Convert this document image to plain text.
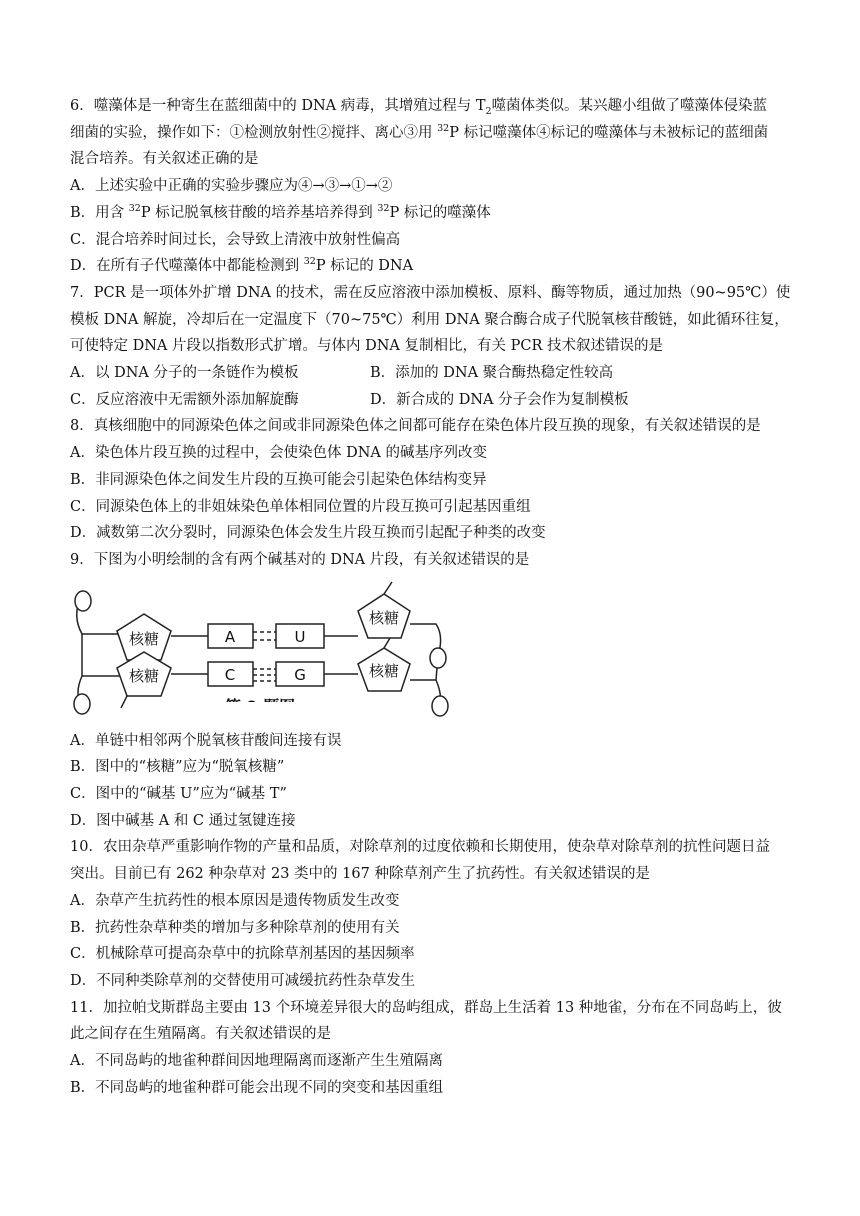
6．噬藻体是一种寄生在蓝细菌中的 DNA 病毒，其增殖过程与 $T_2$噬菌体类似。某兴趣小组做了噬藻体侵染蓝
细菌的实验，操作如下：①检测放射性②搅拌、离心③用 $^{32}$P 标记噬藻体④标记的噬藻体与未被标记的蓝细菌
混合培养。有关叙述正确的是
A．上述实验中正确的实验步骤应为④→③→①→②
B．用含 $^{32}$P 标记脱氧核苷酸的培养基培养得到 $^{32}$P 标记的噬藻体
C．混合培养时间过长，会导致上清液中放射性偏高
D．在所有子代噬藻体中都能检测到 $^{32}$P 标记的 DNA
7．PCR 是一项体外扩增 DNA 的技术，需在反应溶液中添加模板、原料、酶等物质，通过加热（90~95℃）使
模板 DNA 解旋，冷却后在一定温度下（70~75℃）利用 DNA 聚合酶合成子代脱氧核苷酸链，如此循环往复，
可使特定 DNA 片段以指数形式扩增。与体内 DNA 复制相比，有关 PCR 技术叙述错误的是
A．以 DNA 分子的一条链作为模板	B．添加的 DNA 聚合酶热稳定性较高
C．反应溶液中无需额外添加解旋酶	D．新合成的 DNA 分子会作为复制模板
8．真核细胞中的同源染色体之间或非同源染色体之间都可能存在染色体片段互换的现象，有关叙述错误的是
A．染色体片段互换的过程中，会使染色体 DNA 的碱基序列改变
B．非同源染色体之间发生片段的互换可能会引起染色体结构变异
C．同源染色体上的非姐妹染色单体相同位置的片段互换可引起基因重组
D．减数第二次分裂时，同源染色体会发生片段互换而引起配子种类的改变
9．下图为小明绘制的含有两个碱基对的 DNA 片段，有关叙述错误的是
核糖
核糖
核糖
核糖
A	U
C	G
第 9 题图
A．单链中相邻两个脱氧核苷酸间连接有误
B．图中的“核糖”应为“脱氧核糖”
C．图中的“碱基 U”应为“碱基 T”
D．图中碱基 A 和 C 通过氢键连接
10．农田杂草严重影响作物的产量和品质，对除草剂的过度依赖和长期使用，使杂草对除草剂的抗性问题日益
突出。目前已有 262 种杂草对 23 类中的 167 种除草剂产生了抗药性。有关叙述错误的是
A．杂草产生抗药性的根本原因是遗传物质发生改变
B．抗药性杂草种类的增加与多种除草剂的使用有关
C．机械除草可提高杂草中的抗除草剂基因的基因频率
D．不同种类除草剂的交替使用可减缓抗药性杂草发生
11．加拉帕戈斯群岛主要由 13 个环境差异很大的岛屿组成，群岛上生活着 13 种地雀，分布在不同岛屿上，彼
此之间存在生殖隔离。有关叙述错误的是
A．不同岛屿的地雀种群间因地理隔离而逐渐产生生殖隔离
B．不同岛屿的地雀种群可能会出现不同的突变和基因重组
